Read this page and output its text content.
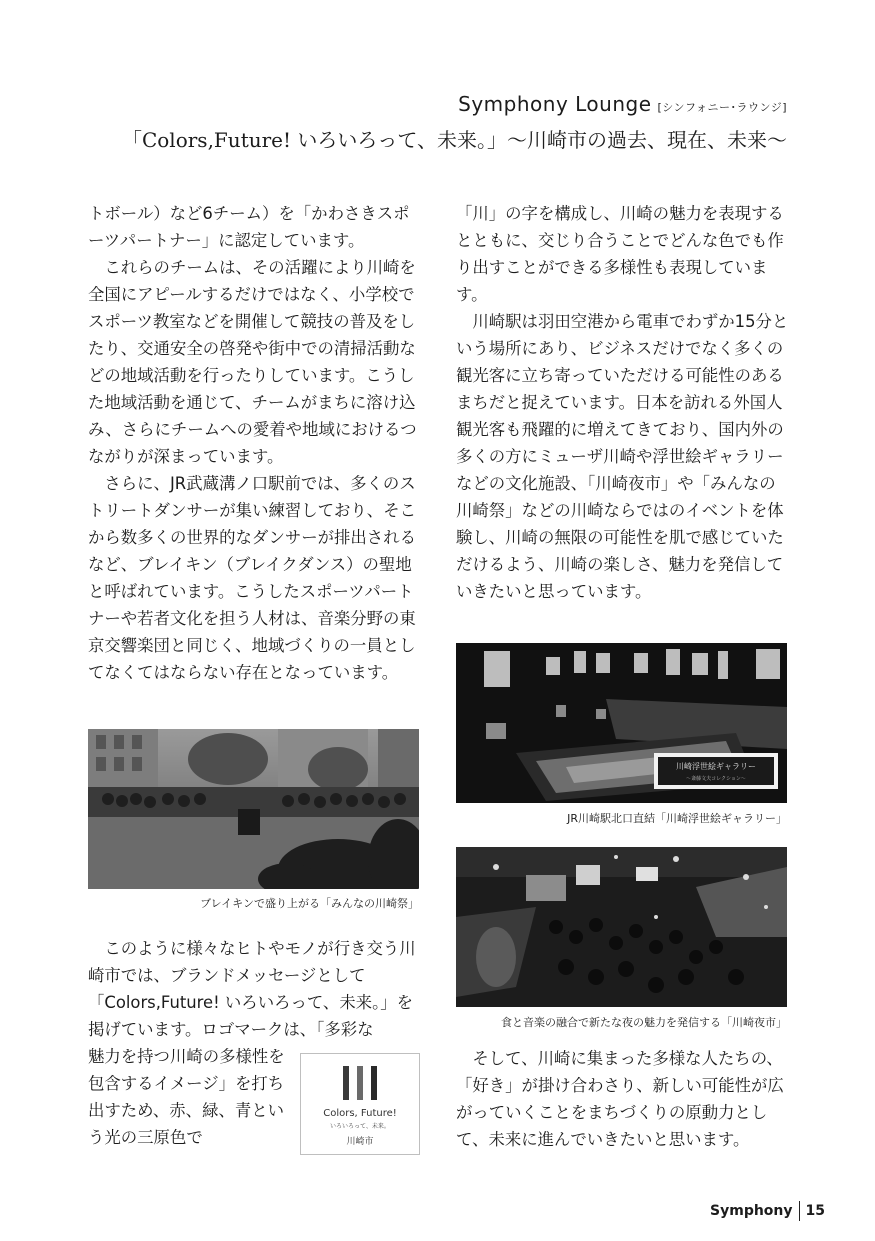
Symphony Lounge [シンフォニー･ラウンジ]
「Colors,Future! いろいろって、未来。」〜川崎市の過去、現在、未来〜

トボール）など6チーム）を「かわさきスポーツパートナー」に認定しています。

これらのチームは、その活躍により川崎を全国にアピールするだけではなく、小学校でスポーツ教室などを開催して競技の普及をしたり、交通安全の啓発や街中での清掃活動などの地域活動を行ったりしています。こうした地域活動を通じて、チームがまちに溶け込み、さらにチームへの愛着や地域におけるつながりが深まっています。

さらに、JR武蔵溝ノ口駅前では、多くのストリートダンサーが集い練習しており、そこから数多くの世界的なダンサーが排出されるなど、ブレイキン（ブレイクダンス）の聖地と呼ばれています。こうしたスポーツパートナーや若者文化を担う人材は、音楽分野の東京交響楽団と同じく、地域づくりの一員としてなくてはならない存在となっています。

ブレイキンで盛り上がる「みんなの川崎祭」

このように様々なヒトやモノが行き交う川崎市では、ブランドメッセージとして「Colors,Future! いろいろって、未来。」を掲げています。ロゴマークは、「多彩な

魅力を持つ川崎の多様性を包含するイメージ」を打ち出すため、赤、緑、青という光の三原色で

Colors, Future!
いろいろって、未来。
川崎市

「川」の字を構成し、川崎の魅力を表現するとともに、交じり合うことでどんな色でも作り出すことができる多様性も表現しています。

川崎駅は羽田空港から電車でわずか15分という場所にあり、ビジネスだけでなく多くの観光客に立ち寄っていただける可能性のあるまちだと捉えています。日本を訪れる外国人観光客も飛躍的に増えてきており、国内外の多くの方にミューザ川崎や浮世絵ギャラリーなどの文化施設、「川崎夜市」や「みんなの川崎祭」などの川崎ならではのイベントを体験し、川崎の無限の可能性を肌で感じていただけるよう、川崎の楽しさ、魅力を発信していきたいと思っています。

川崎浮世絵ギャラリー
〜斎藤文夫コレクション〜
JR川崎駅北口直結「川崎浮世絵ギャラリー」
食と音楽の融合で新たな夜の魅力を発信する「川崎夜市」

そして、川崎に集まった多様な人たちの、「好き」が掛け合わさり、新しい可能性が広がっていくことをまちづくりの原動力として、未来に進んでいきたいと思います。

Symphony 15
